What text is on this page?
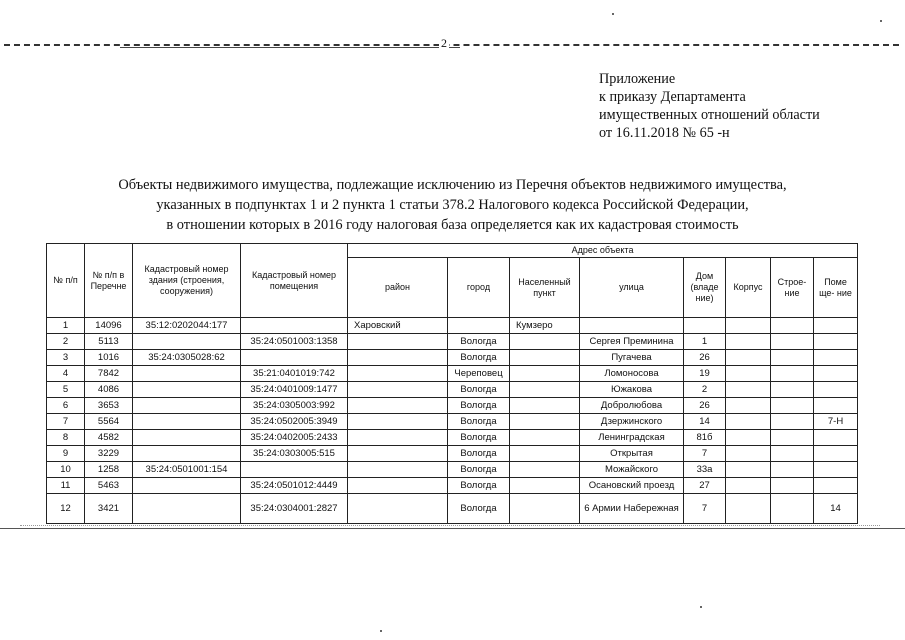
2
Приложение
к приказу Департамента
имущественных отношений области
от 16.11.2018 № 65 -н
Объекты недвижимого имущества, подлежащие исключению из Перечня объектов недвижимого имущества,
указанных в подпунктах 1 и 2 пункта 1 статьи 378.2 Налогового кодекса Российской Федерации,
в отношении которых в 2016 году налоговая база определяется как их кадастровая стоимость
№ п/п	№ п/п в Перечне	Кадастровый номер здания (строения, сооружения)	Кадастровый номер помещения	Адрес объекта							
				район	город	Населенный пункт	улица	Дом (владе ние)	Корпус	Строе- ние	Поме ще- ние
1	14096	35:12:0202044:177		Харовский		Кумзеро					
2	5113		35:24:0501003:1358		Вологда		Сергея Преминина	1			
3	1016	35:24:0305028:62			Вологда		Пугачева	26			
4	7842		35:21:0401019:742		Череповец		Ломоносова	19			
5	4086		35:24:0401009:1477		Вологда		Южакова	2			
6	3653		35:24:0305003:992		Вологда		Добролюбова	26			
7	5564		35:24:0502005:3949		Вологда		Дзержинского	14			7-Н
8	4582		35:24:0402005:2433		Вологда		Ленинградская	81б			
9	3229		35:24:0303005:515		Вологда		Открытая	7			
10	1258	35:24:0501001:154			Вологда		Можайского	33а			
11	5463		35:24:0501012:4449		Вологда		Осановский проезд	27			
12	3421		35:24:0304001:2827		Вологда		6 Армии Набережная	7			14
